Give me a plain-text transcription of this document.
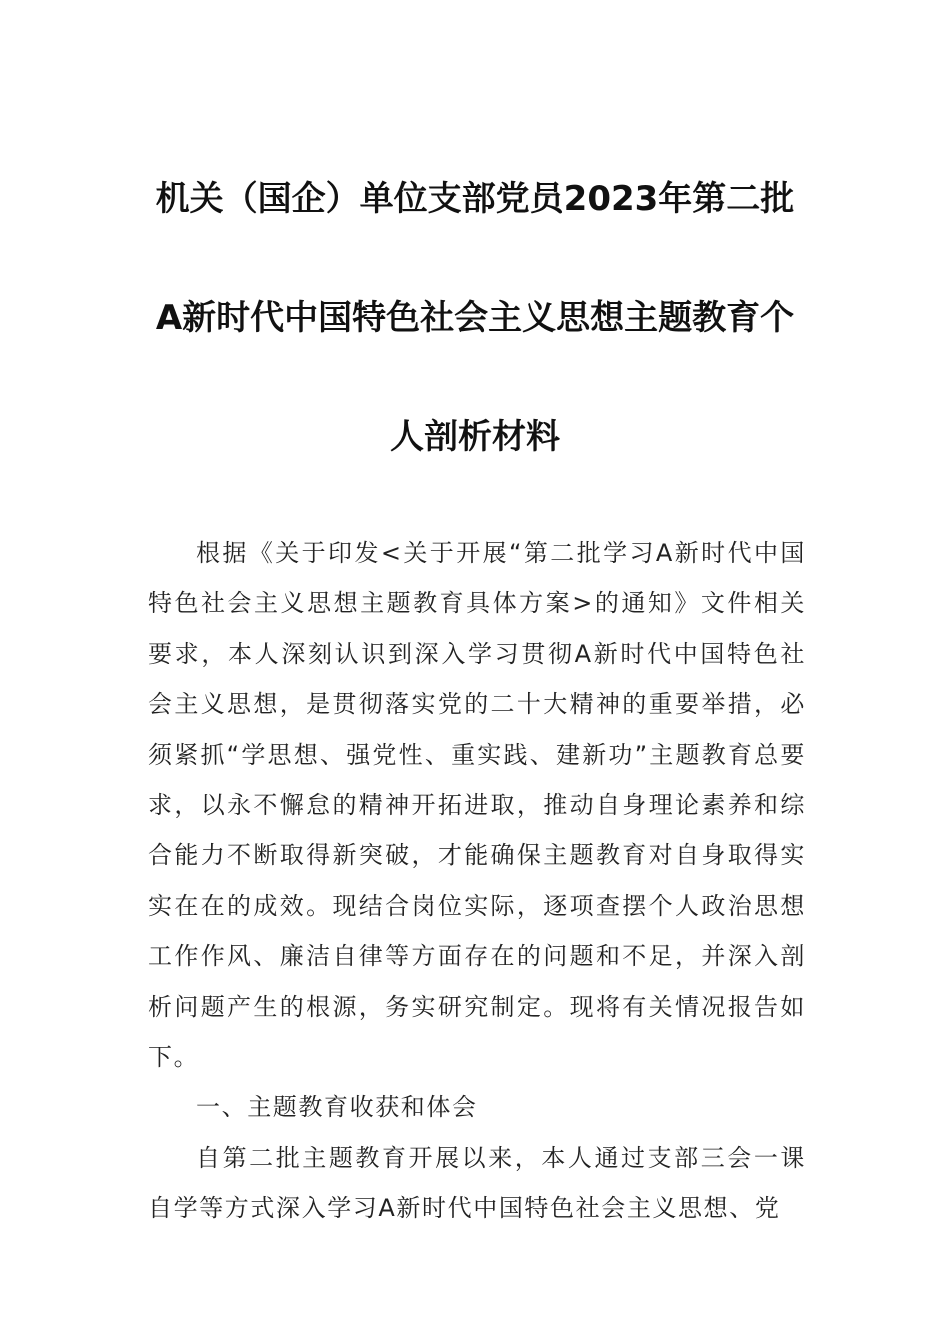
机关（国企）单位支部党员2023年第二批
A新时代中国特色社会主义思想主题教育个
人剖析材料

根据《关于印发<关于开展“第二批学习A新时代中国特色社会主义思想主题教育具体方案>的通知》文件相关要求，本人深刻认识到深入学习贯彻A新时代中国特色社会主义思想，是贯彻落实党的二十大精神的重要举措，必须紧抓“学思想、强党性、重实践、建新功”主题教育总要求，以永不懈怠的精神开拓进取，推动自身理论素养和综合能力不断取得新突破，才能确保主题教育对自身取得实实在在的成效。现结合岗位实际，逐项查摆个人政治思想工作作风、廉洁自律等方面存在的问题和不足，并深入剖析问题产生的根源，务实研究制定。现将有关情况报告如下。

一、主题教育收获和体会

自第二批主题教育开展以来，本人通过支部三会一课自学等方式深入学习A新时代中国特色社会主义思想、党
